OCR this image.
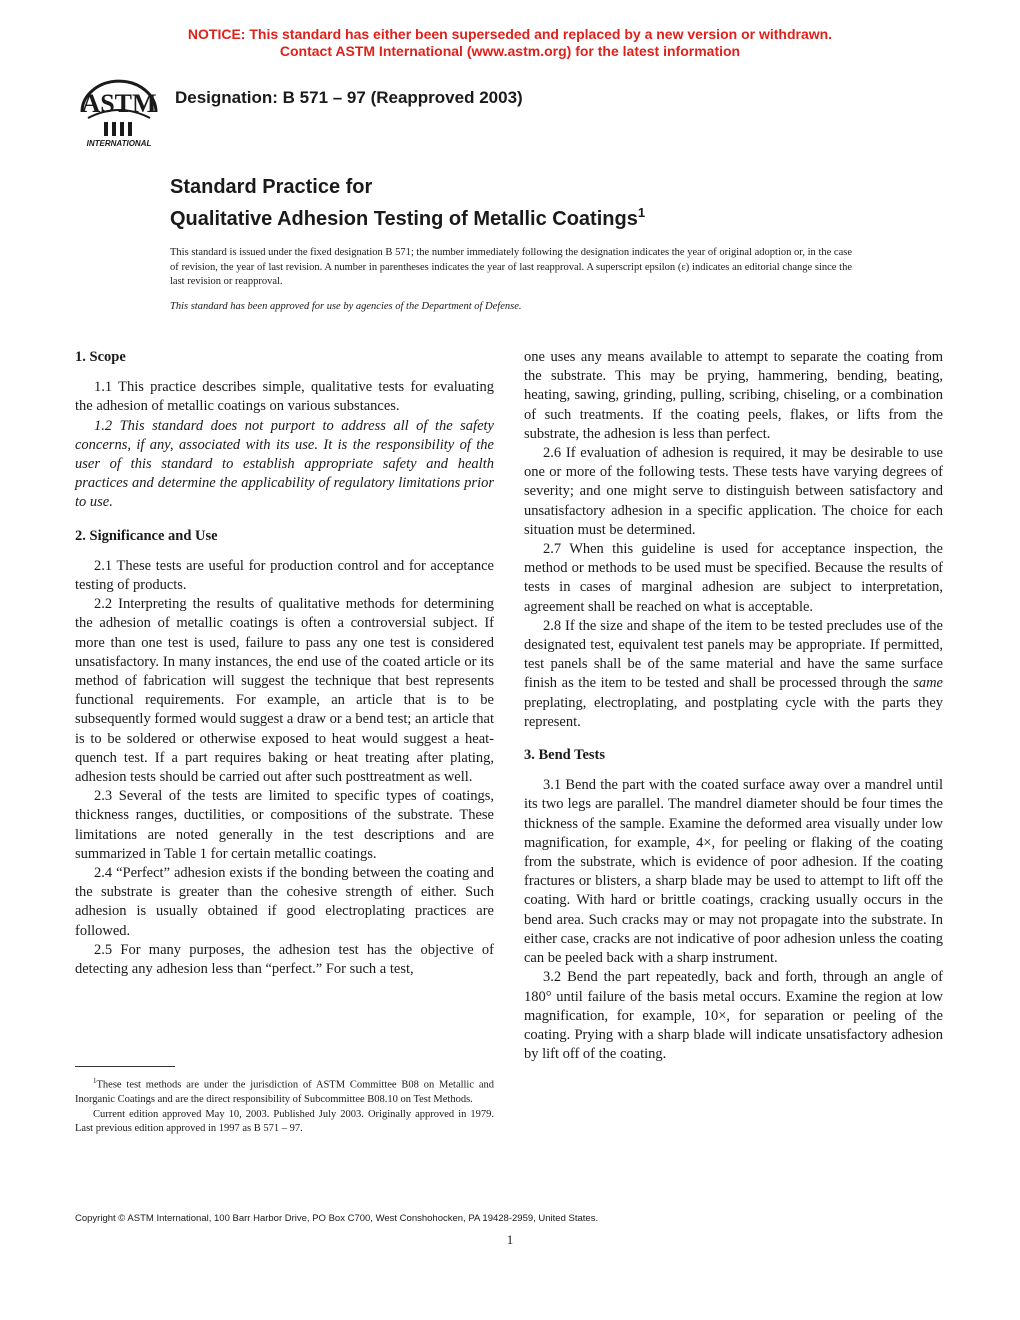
NOTICE: This standard has either been superseded and replaced by a new version or withdrawn.
Contact ASTM International (www.astm.org) for the latest information
ASTM
INTERNATIONAL
Designation: B 571 – 97 (Reapproved 2003)
Standard Practice for
Qualitative Adhesion Testing of Metallic Coatings$^1$
This standard is issued under the fixed designation B 571; the number immediately following the designation indicates the year of original adoption or, in the case of revision, the year of last revision. A number in parentheses indicates the year of last reapproval. A superscript epsilon (ε) indicates an editorial change since the last revision or reapproval.
This standard has been approved for use by agencies of the Department of Defense.
1. Scope

1.1 This practice describes simple, qualitative tests for evaluating the adhesion of metallic coatings on various substances.

1.2 This standard does not purport to address all of the safety concerns, if any, associated with its use. It is the responsibility of the user of this standard to establish appropriate safety and health practices and determine the applicability of regulatory limitations prior to use.

2. Significance and Use

2.1 These tests are useful for production control and for acceptance testing of products.

2.2 Interpreting the results of qualitative methods for determining the adhesion of metallic coatings is often a controversial subject. If more than one test is used, failure to pass any one test is considered unsatisfactory. In many instances, the end use of the coated article or its method of fabrication will suggest the technique that best represents functional requirements. For example, an article that is to be subsequently formed would suggest a draw or a bend test; an article that is to be soldered or otherwise exposed to heat would suggest a heat-quench test. If a part requires baking or heat treating after plating, adhesion tests should be carried out after such posttreatment as well.

2.3 Several of the tests are limited to specific types of coatings, thickness ranges, ductilities, or compositions of the substrate. These limitations are noted generally in the test descriptions and are summarized in Table 1 for certain metallic coatings.

2.4 “Perfect” adhesion exists if the bonding between the coating and the substrate is greater than the cohesive strength of either. Such adhesion is usually obtained if good electroplating practices are followed.

2.5 For many purposes, the adhesion test has the objective of detecting any adhesion less than “perfect.” For such a test,

one uses any means available to attempt to separate the coating from the substrate. This may be prying, hammering, bending, beating, heating, sawing, grinding, pulling, scribing, chiseling, or a combination of such treatments. If the coating peels, flakes, or lifts from the substrate, the adhesion is less than perfect.

2.6 If evaluation of adhesion is required, it may be desirable to use one or more of the following tests. These tests have varying degrees of severity; and one might serve to distinguish between satisfactory and unsatisfactory adhesion in a specific application. The choice for each situation must be determined.

2.7 When this guideline is used for acceptance inspection, the method or methods to be used must be specified. Because the results of tests in cases of marginal adhesion are subject to interpretation, agreement shall be reached on what is acceptable.

2.8 If the size and shape of the item to be tested precludes use of the designated test, equivalent test panels may be appropriate. If permitted, test panels shall be of the same material and have the same surface finish as the item to be tested and shall be processed through the same preplating, electroplating, and postplating cycle with the parts they represent.

3. Bend Tests

3.1 Bend the part with the coated surface away over a mandrel until its two legs are parallel. The mandrel diameter should be four times the thickness of the sample. Examine the deformed area visually under low magnification, for example, 4×, for peeling or flaking of the coating from the substrate, which is evidence of poor adhesion. If the coating fractures or blisters, a sharp blade may be used to attempt to lift off the coating. With hard or brittle coatings, cracking usually occurs in the bend area. Such cracks may or may not propagate into the substrate. In either case, cracks are not indicative of poor adhesion unless the coating can be peeled back with a sharp instrument.

3.2 Bend the part repeatedly, back and forth, through an angle of 180° until failure of the basis metal occurs. Examine the region at low magnification, for example, 10×, for separation or peeling of the coating. Prying with a sharp blade will indicate unsatisfactory adhesion by lift off of the coating.

$^1$These test methods are under the jurisdiction of ASTM Committee B08 on Metallic and Inorganic Coatings and are the direct responsibility of Subcommittee B08.10 on Test Methods.

Current edition approved May 10, 2003. Published July 2003. Originally approved in 1979. Last previous edition approved in 1997 as B 571 – 97.

Copyright © ASTM International, 100 Barr Harbor Drive, PO Box C700, West Conshohocken, PA 19428-2959, United States.
1
